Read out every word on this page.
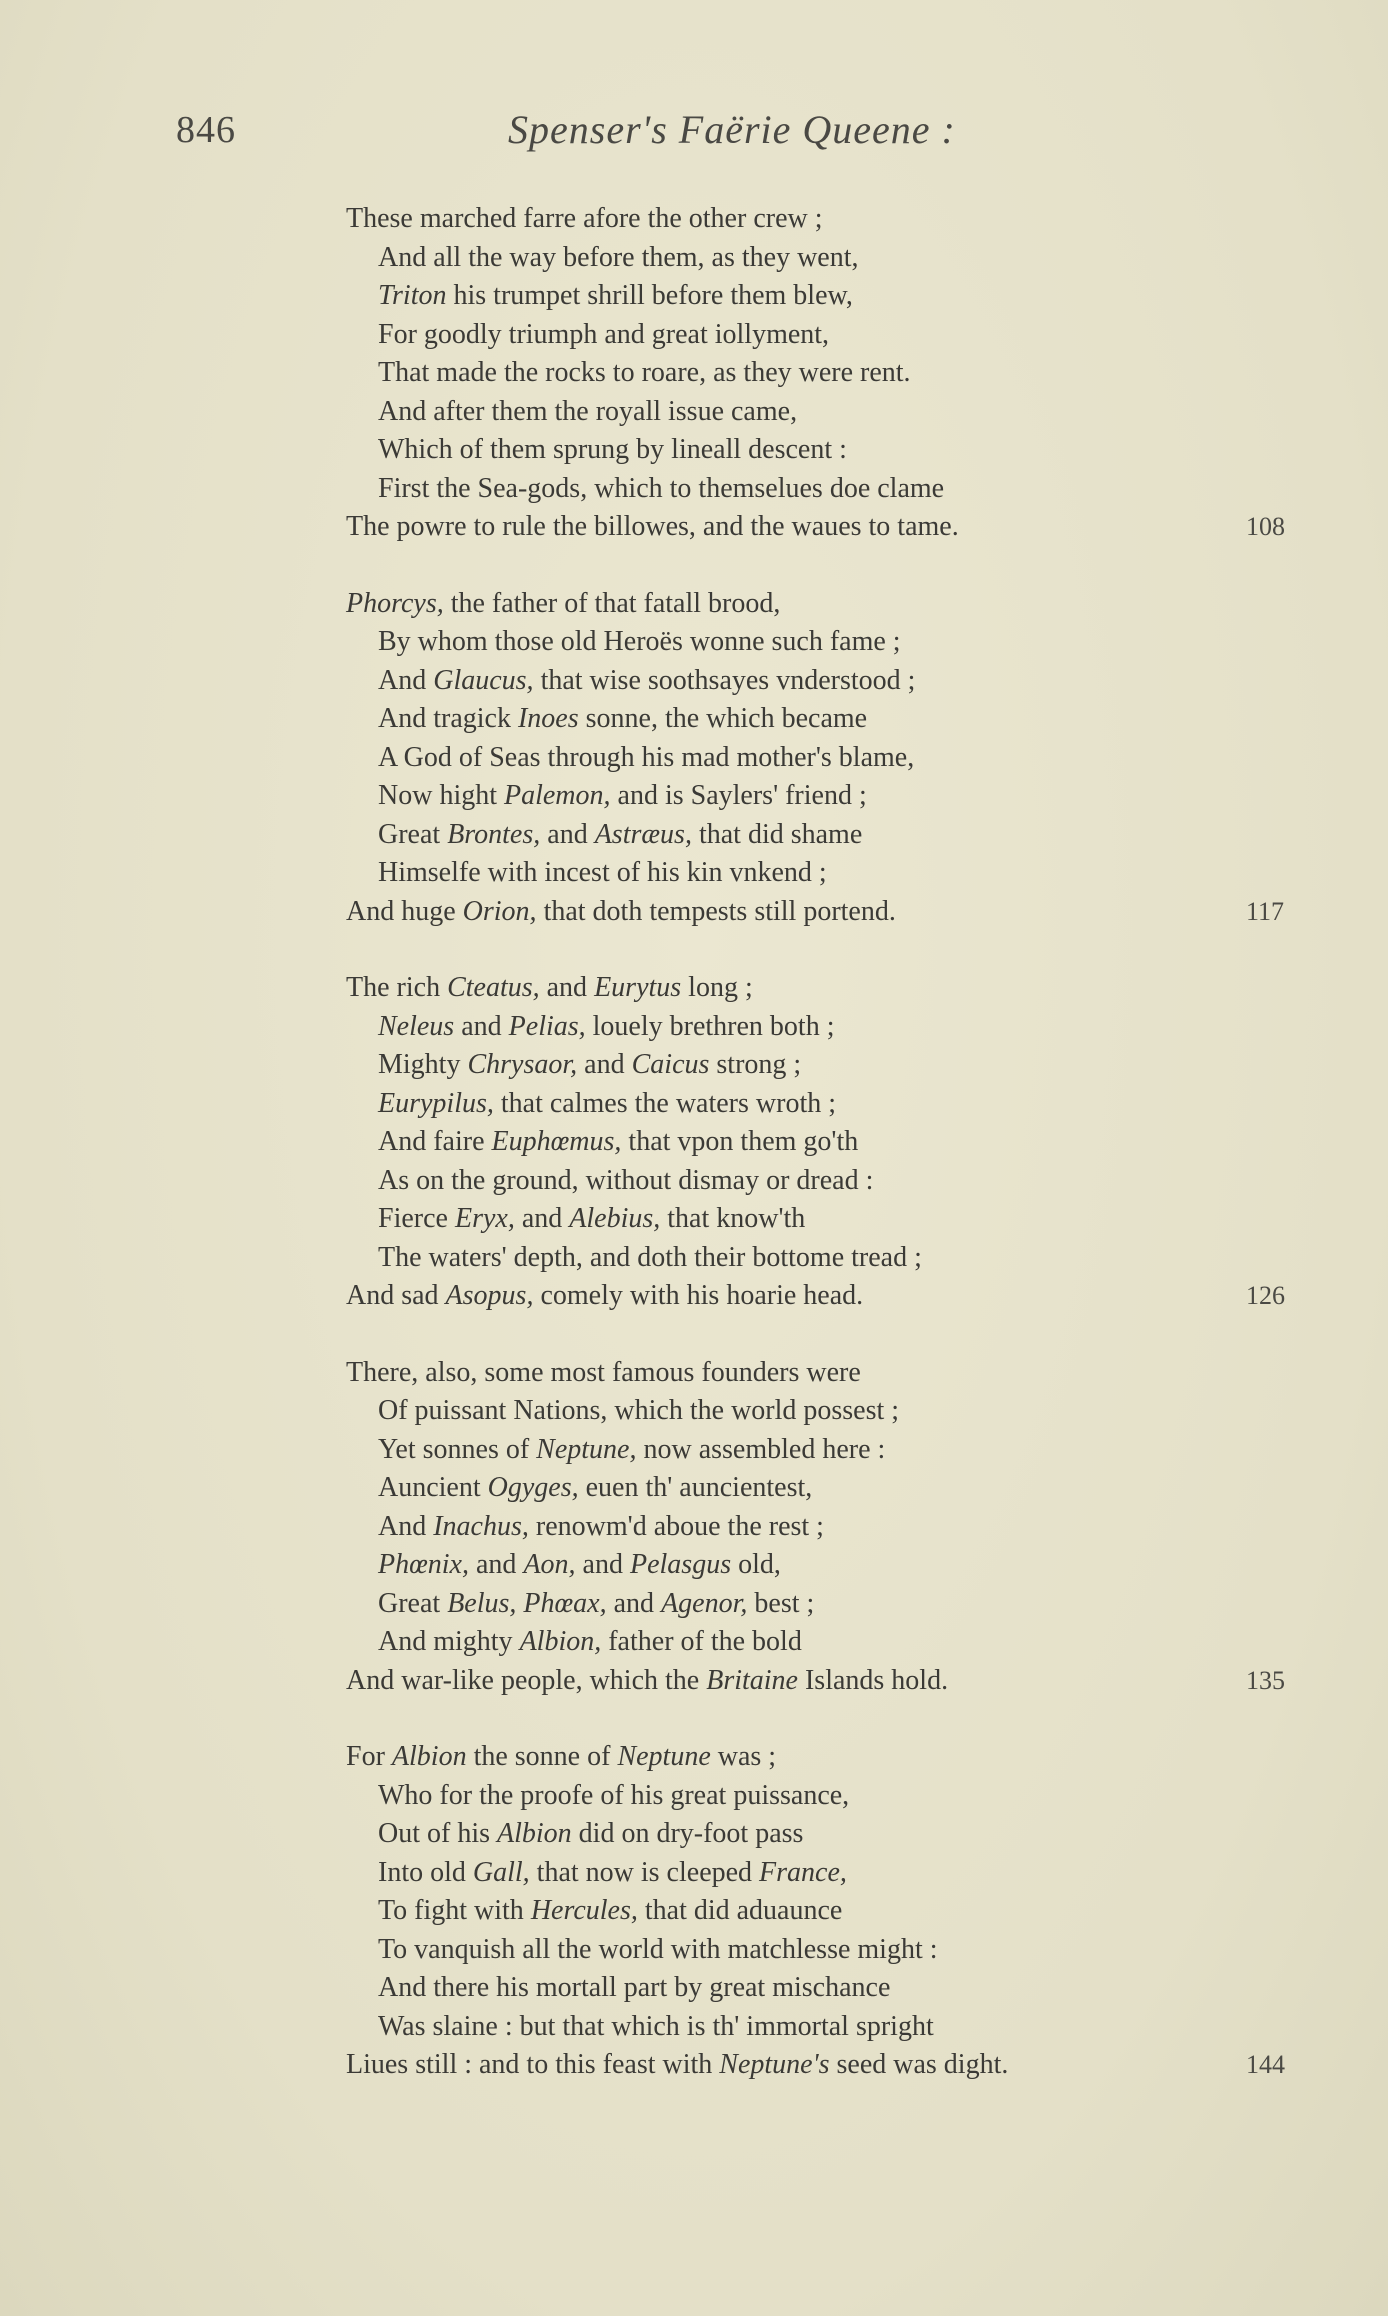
846	Spenser's Faërie Queene :
These marched farre afore the other crew ;
And all the way before them, as they went,
Triton his trumpet shrill before them blew,
For goodly triumph and great iollyment,
That made the rocks to roare, as they were rent.
And after them the royall issue came,
Which of them sprung by lineall descent :
First the Sea-gods, which to themselues doe clame
The powre to rule the billowes, and the waues to tame.	108
Phorcys, the father of that fatall brood,
By whom those old Heroës wonne such fame ;
And Glaucus, that wise soothsayes vnderstood ;
And tragick Inoes sonne, the which became
A God of Seas through his mad mother's blame,
Now hight Palemon, and is Saylers' friend ;
Great Brontes, and Astræus, that did shame
Himselfe with incest of his kin vnkend ;
And huge Orion, that doth tempests still portend.	117
The rich Cteatus, and Eurytus long ;
Neleus and Pelias, louely brethren both ;
Mighty Chrysaor, and Caicus strong ;
Eurypilus, that calmes the waters wroth ;
And faire Euphœmus, that vpon them go'th
As on the ground, without dismay or dread :
Fierce Eryx, and Alebius, that know'th
The waters' depth, and doth their bottome tread ;
And sad Asopus, comely with his hoarie head.	126
There, also, some most famous founders were
Of puissant Nations, which the world possest ;
Yet sonnes of Neptune, now assembled here :
Auncient Ogyges, euen th' auncientest,
And Inachus, renowm'd aboue the rest ;
Phœnix, and Aon, and Pelasgus old,
Great Belus, Phœax, and Agenor, best ;
And mighty Albion, father of the bold
And war-like people, which the Britaine Islands hold.	135
For Albion the sonne of Neptune was ;
Who for the proofe of his great puissance,
Out of his Albion did on dry-foot pass
Into old Gall, that now is cleeped France,
To fight with Hercules, that did aduaunce
To vanquish all the world with matchlesse might :
And there his mortall part by great mischance
Was slaine : but that which is th' immortal spright
Liues still : and to this feast with Neptune's seed was dight.	144
